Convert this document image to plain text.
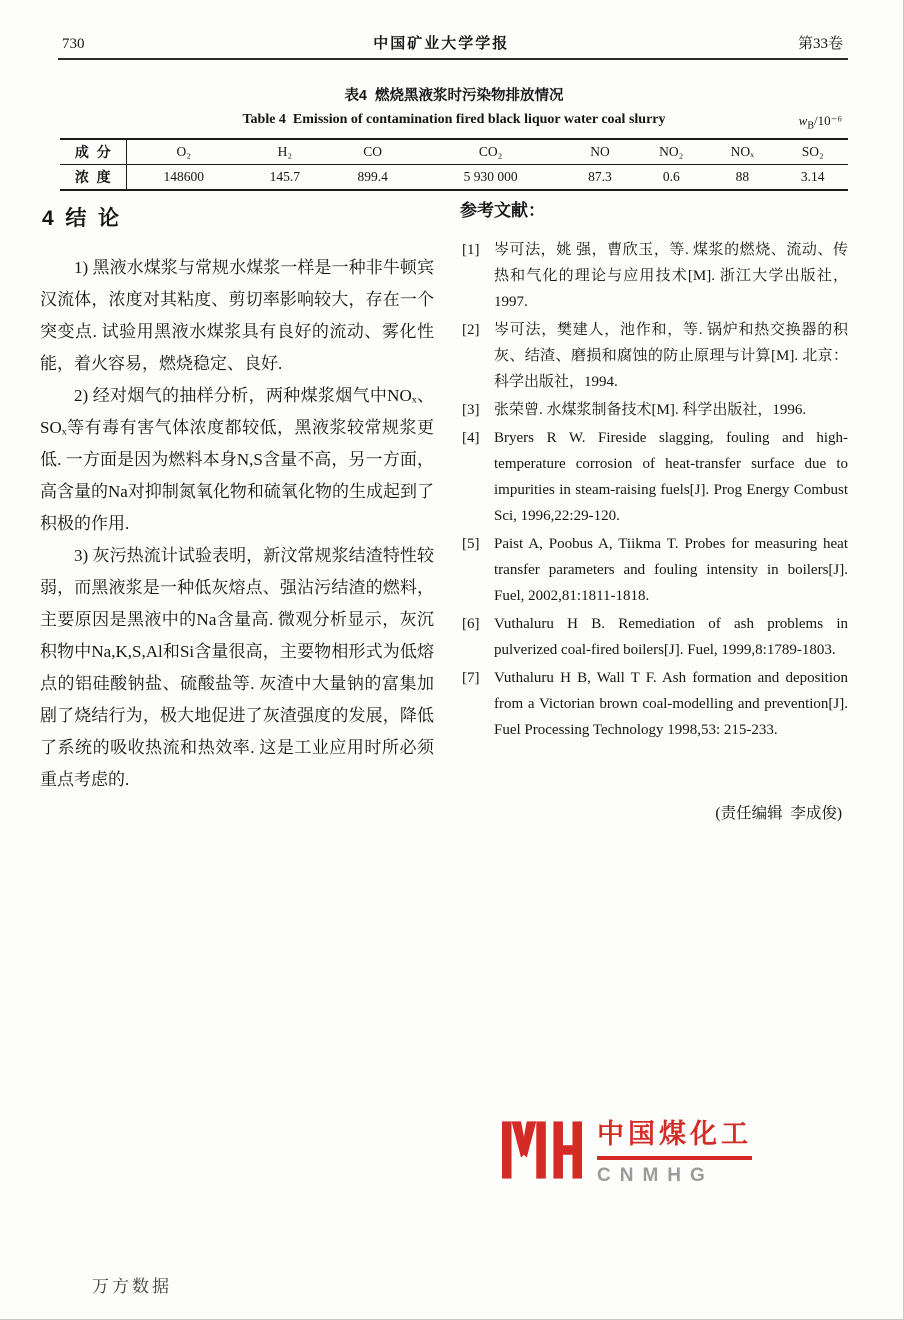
730	中国矿业大学学报	第33卷
表4  燃烧黑液浆时污染物排放情况
Table 4  Emission of contamination fired black liquor water coal slurry	$w_B/10^{-6}$
成  分	O₂	H₂	CO	CO₂	NO	NO₂	NOₓ	SO₂
浓  度	148600	145.7	899.4	5 930 000	87.3	0.6	88	3.14
4  结  论

1) 黑液水煤浆与常规水煤浆一样是一种非牛顿宾汉流体，浓度对其粘度、剪切率影响较大，存在一个突变点. 试验用黑液水煤浆具有良好的流动、雾化性能，着火容易，燃烧稳定、良好.

2) 经对烟气的抽样分析，两种煤浆烟气中NOₓ、SOₓ等有毒有害气体浓度都较低，黑液浆较常规浆更低. 一方面是因为燃料本身N,S含量不高，另一方面，高含量的Na对抑制氮氧化物和硫氧化物的生成起到了积极的作用.

3) 灰污热流计试验表明，新汶常规浆结渣特性较弱，而黑液浆是一种低灰熔点、强沾污结渣的燃料，主要原因是黑液中的Na含量高. 微观分析显示，灰沉积物中Na,K,S,Al和Si含量很高，主要物相形式为低熔点的铝硅酸钠盐、硫酸盐等. 灰渣中大量钠的富集加剧了烧结行为，极大地促进了灰渣强度的发展，降低了系统的吸收热流和热效率. 这是工业应用时所必须重点考虑的.

参考文献：
[1] 岑可法，姚 强，曹欣玉，等. 煤浆的燃烧、流动、传热和气化的理论与应用技术[M]. 浙江大学出版社，1997.
[2] 岑可法，樊建人，池作和，等. 锅炉和热交换器的积灰、结渣、磨损和腐蚀的防止原理与计算[M]. 北京：科学出版社，1994.
[3] 张荣曾. 水煤浆制备技术[M]. 科学出版社，1996.
[4] Bryers R W. Fireside slagging, fouling and high-temperature corrosion of heat-transfer surface due to impurities in steam-raising fuels[J]. Prog Energy Combust Sci, 1996,22:29-120.
[5] Paist A, Poobus A, Tiikma T. Probes for measuring heat transfer parameters and fouling intensity in boilers[J]. Fuel, 2002,81:1811-1818.
[6] Vuthaluru H B. Remediation of ash problems in pulverized coal-fired boilers[J]. Fuel, 1999,8:1789-1803.
[7] Vuthaluru H B, Wall T F. Ash formation and deposition from a Victorian brown coal-modelling and prevention[J]. Fuel Processing Technology 1998,53: 215-233.
(责任编辑  李成俊)
中国煤化工
CNMHG
万方数据
